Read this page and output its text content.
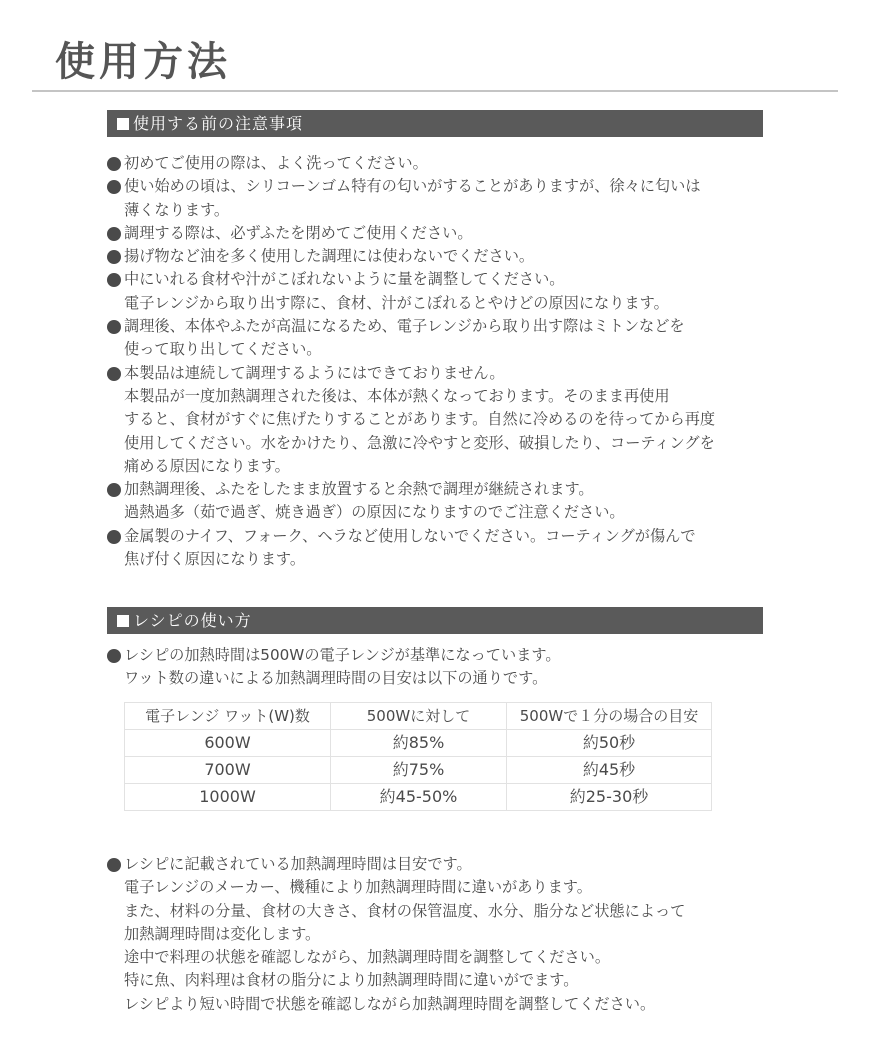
使用方法
使用する前の注意事項
初めてご使用の際は、よく洗ってください。
使い始めの頃は、シリコーンゴム特有の匂いがすることがありますが、徐々に匂いは
薄くなります。
調理する際は、必ずふたを閉めてご使用ください。
揚げ物など油を多く使用した調理には使わないでください。
中にいれる食材や汁がこぼれないように量を調整してください。
電子レンジから取り出す際に、食材、汁がこぼれるとやけどの原因になります。
調理後、本体やふたが高温になるため、電子レンジから取り出す際はミトンなどを
使って取り出してください。
本製品は連続して調理するようにはできておりません。
本製品が一度加熱調理された後は、本体が熱くなっております。そのまま再使用
すると、食材がすぐに焦げたりすることがあります。自然に冷めるのを待ってから再度
使用してください。水をかけたり、急激に冷やすと変形、破損したり、コーティングを
痛める原因になります。
加熱調理後、ふたをしたまま放置すると余熱で調理が継続されます。
過熱過多（茹で過ぎ、焼き過ぎ）の原因になりますのでご注意ください。
金属製のナイフ、フォーク、ヘラなど使用しないでください。コーティングが傷んで
焦げ付く原因になります。
レシピの使い方
レシピの加熱時間は500Wの電子レンジが基準になっています。
ワット数の違いによる加熱調理時間の目安は以下の通りです。
電子レンジ ワット(W)数	500Wに対して	500Wで１分の場合の目安
600W	約85%	約50秒
700W	約75%	約45秒
1000W	約45-50%	約25-30秒
レシピに記載されている加熱調理時間は目安です。
電子レンジのメーカー、機種により加熱調理時間に違いがあります。
また、材料の分量、食材の大きさ、食材の保管温度、水分、脂分など状態によって
加熱調理時間は変化します。
途中で料理の状態を確認しながら、加熱調理時間を調整してください。
特に魚、肉料理は食材の脂分により加熱調理時間に違いがでます。
レシピより短い時間で状態を確認しながら加熱調理時間を調整してください。
